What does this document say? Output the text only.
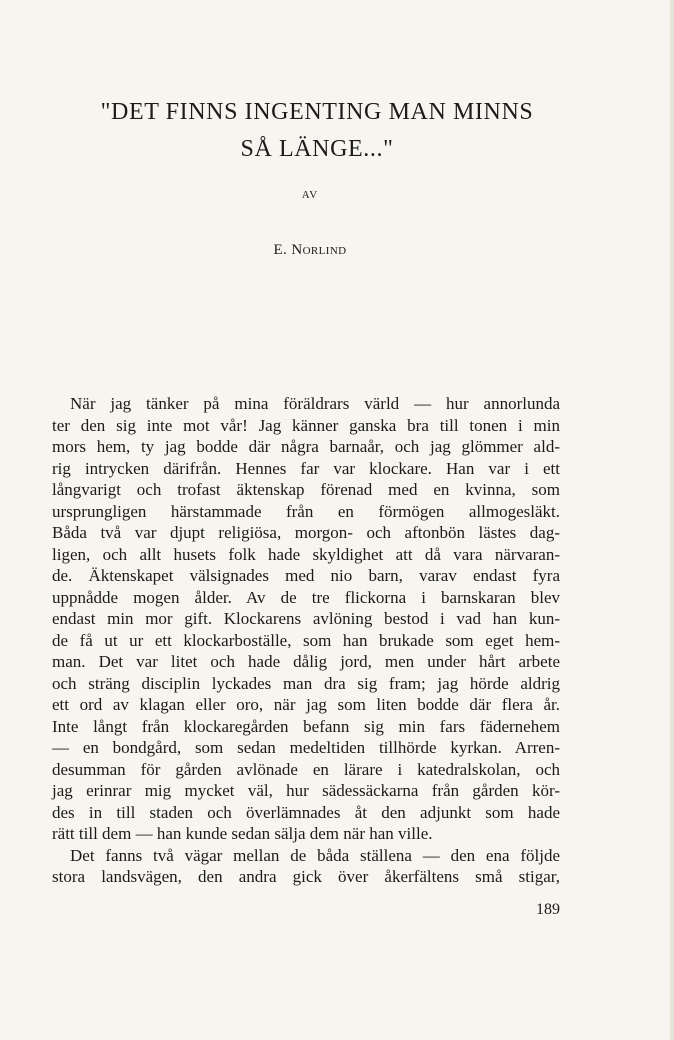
"DET FINNS INGENTING MAN MINNS
SÅ LÄNGE..."
AV
E. Norlind

När jag tänker på mina föräldrars värld — hur annorlunda
ter den sig inte mot vår! Jag känner ganska bra till tonen i min
mors hem, ty jag bodde där några barnaår, och jag glömmer ald-
rig intrycken därifrån. Hennes far var klockare. Han var i ett
långvarigt och trofast äktenskap förenad med en kvinna, som
ursprungligen härstammade från en förmögen allmogesläkt.
Båda två var djupt religiösa, morgon- och aftonbön lästes dag-
ligen, och allt husets folk hade skyldighet att då vara närvaran-
de. Äktenskapet välsignades med nio barn, varav endast fyra
uppnådde mogen ålder. Av de tre flickorna i barnskaran blev
endast min mor gift. Klockarens avlöning bestod i vad han kun-
de få ut ur ett klockarboställe, som han brukade som eget hem-
man. Det var litet och hade dålig jord, men under hårt arbete
och sträng disciplin lyckades man dra sig fram; jag hörde aldrig
ett ord av klagan eller oro, när jag som liten bodde där flera år.
Inte långt från klockaregården befann sig min fars fädernehem
— en bondgård, som sedan medeltiden tillhörde kyrkan. Arren-
desumman för gården avlönade en lärare i katedralskolan, och
jag erinrar mig mycket väl, hur sädessäckarna från gården kör-
des in till staden och överlämnades åt den adjunkt som hade
rätt till dem — han kunde sedan sälja dem när han ville.

Det fanns två vägar mellan de båda ställena — den ena följde
stora landsvägen, den andra gick över åkerfältens små stigar,

189
